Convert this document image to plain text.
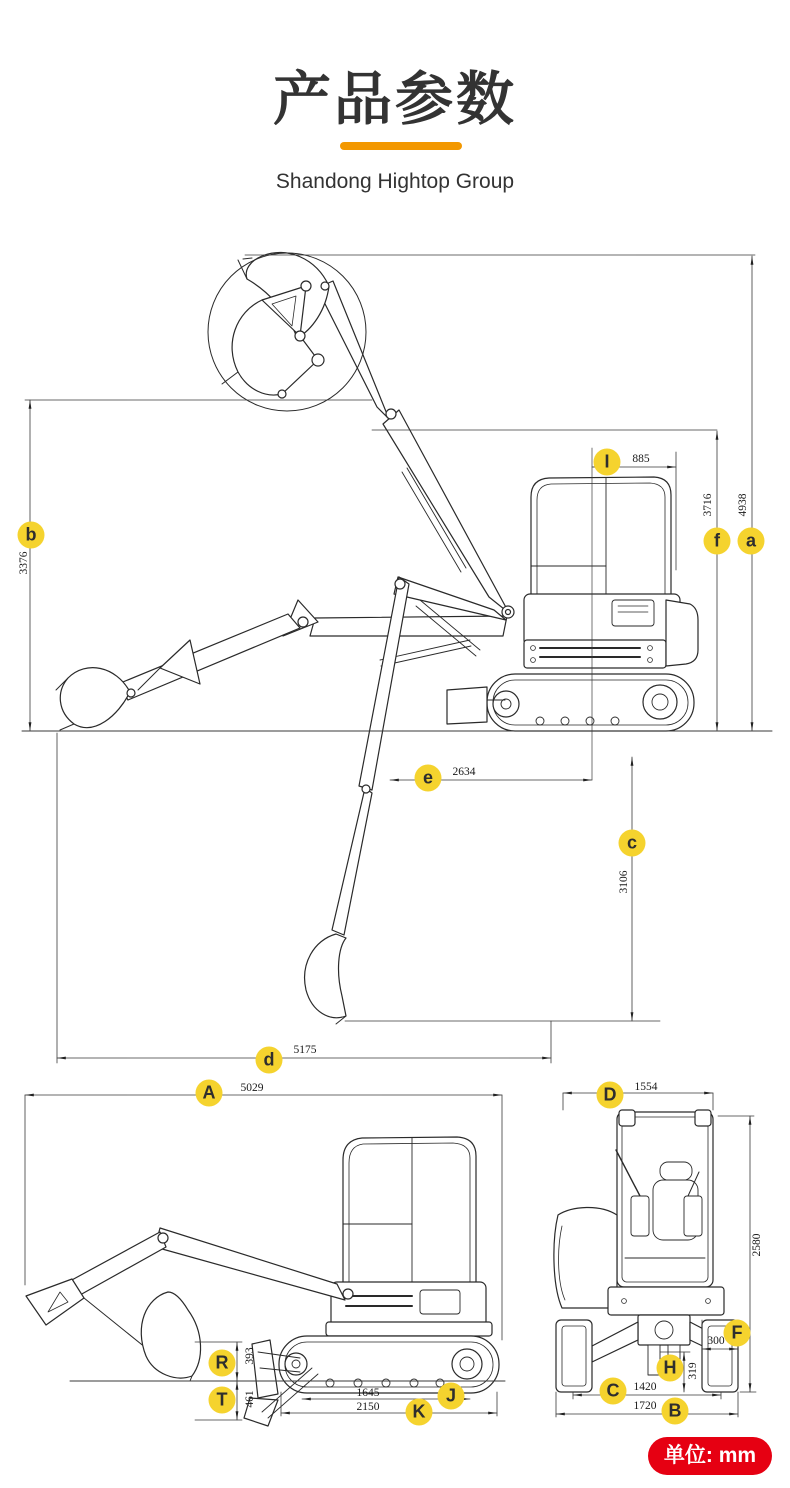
产品参数
Shandong Hightop Group
3376
885
3716 4938
2634
3106
5175
5029
393
461	1645
2150
1554
2580
300
319
1420
1720
b
I
f	a
e
c
d
A
R
T	J
K
D
F
H
C
B
单位: mm
